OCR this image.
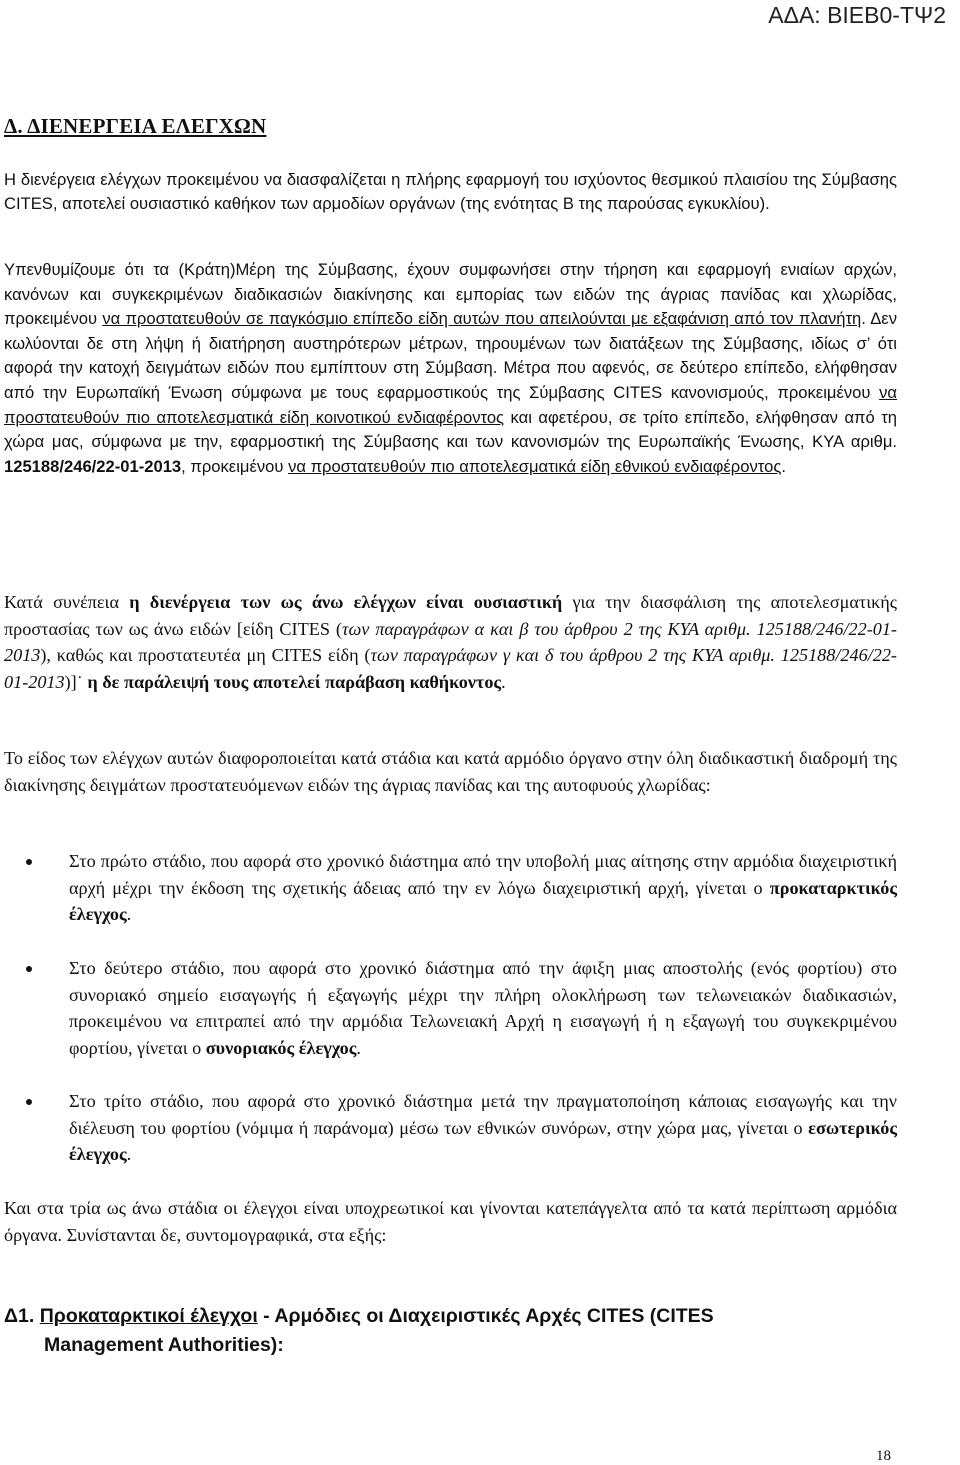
ΑΔΑ: ΒΙΕΒ0-ΤΨ2
Δ. ΔΙΕΝΕΡΓΕΙΑ ΕΛΕΓΧΩΝ

Η διενέργεια ελέγχων προκειμένου να διασφαλίζεται η πλήρης εφαρμογή του ισχύοντος θεσμικού πλαισίου της Σύμβασης CITES, αποτελεί ουσιαστικό καθήκον των αρμοδίων οργάνων (της ενότητας Β της παρούσας εγκυκλίου).

Υπενθυμίζουμε ότι τα (Κράτη)Μέρη της Σύμβασης, έχουν συμφωνήσει στην τήρηση και εφαρμογή ενιαίων αρχών, κανόνων και συγκεκριμένων διαδικασιών διακίνησης και εμπορίας των ειδών της άγριας πανίδας και χλωρίδας, προκειμένου να προστατευθούν σε παγκόσμιο επίπεδο είδη αυτών που απειλούνται με εξαφάνιση από τον πλανήτη. Δεν κωλύονται δε στη λήψη ή διατήρηση αυστηρότερων μέτρων, τηρουμένων των διατάξεων της Σύμβασης, ιδίως σ’ ότι αφορά την κατοχή δειγμάτων ειδών που εμπίπτουν στη Σύμβαση. Μέτρα που αφενός, σε δεύτερο επίπεδο, ελήφθησαν από την Ευρωπαϊκή Ένωση σύμφωνα με τους εφαρμοστικούς της Σύμβασης CITES κανονισμούς, προκειμένου να προστατευθούν πιο αποτελεσματικά είδη κοινοτικού ενδιαφέροντος και αφετέρου, σε τρίτο επίπεδο, ελήφθησαν από τη χώρα μας, σύμφωνα με την, εφαρμοστική της Σύμβασης και των κανονισμών της Ευρωπαϊκής Ένωσης, ΚΥΑ αριθμ. 125188/246/22-01-2013, προκειμένου να προστατευθούν πιο αποτελεσματικά είδη εθνικού ενδιαφέροντος.

Κατά συνέπεια η διενέργεια των ως άνω ελέγχων είναι ουσιαστική για την διασφάλιση της αποτελεσματικής προστασίας των ως άνω ειδών [είδη CITES (των παραγράφων α και β του άρθρου 2 της ΚΥΑ αριθμ. 125188/246/22-01-2013), καθώς και προστατευτέα μη CITES είδη (των παραγράφων γ και δ του άρθρου 2 της ΚΥΑ αριθμ. 125188/246/22-01-2013)]˙ η δε παράλειψή τους αποτελεί παράβαση καθήκοντος.

Το είδος των ελέγχων αυτών διαφοροποιείται κατά στάδια και κατά αρμόδιο όργανο στην όλη διαδικαστική διαδρομή της διακίνησης δειγμάτων προστατευόμενων ειδών της άγριας πανίδας και της αυτοφυούς χλωρίδας:

Στο πρώτο στάδιο, που αφορά στο χρονικό διάστημα από την υποβολή μιας αίτησης στην αρμόδια διαχειριστική αρχή μέχρι την έκδοση της σχετικής άδειας από την εν λόγω διαχειριστική αρχή, γίνεται ο προκαταρκτικός έλεγχος.

Στο δεύτερο στάδιο, που αφορά στο χρονικό διάστημα από την άφιξη μιας αποστολής (ενός φορτίου) στο συνοριακό σημείο εισαγωγής ή εξαγωγής μέχρι την πλήρη ολοκλήρωση των τελωνειακών διαδικασιών, προκειμένου να επιτραπεί από την αρμόδια Τελωνειακή Αρχή η εισαγωγή ή η εξαγωγή του συγκεκριμένου φορτίου, γίνεται ο συνοριακός έλεγχος.

Στο τρίτο στάδιο, που αφορά στο χρονικό διάστημα μετά την πραγματοποίηση κάποιας εισαγωγής και την διέλευση του φορτίου (νόμιμα ή παράνομα) μέσω των εθνικών συνόρων, στην χώρα μας, γίνεται ο εσωτερικός έλεγχος.

Και στα τρία ως άνω στάδια οι έλεγχοι είναι υποχρεωτικοί και γίνονται κατεπάγγελτα από τα κατά περίπτωση αρμόδια όργανα. Συνίστανται δε, συντομογραφικά, στα εξής:

Δ1. Προκαταρκτικοί έλεγχοι - Αρμόδιες οι Διαχειριστικές Αρχές CITES (CITES
Management Authorities):
18
